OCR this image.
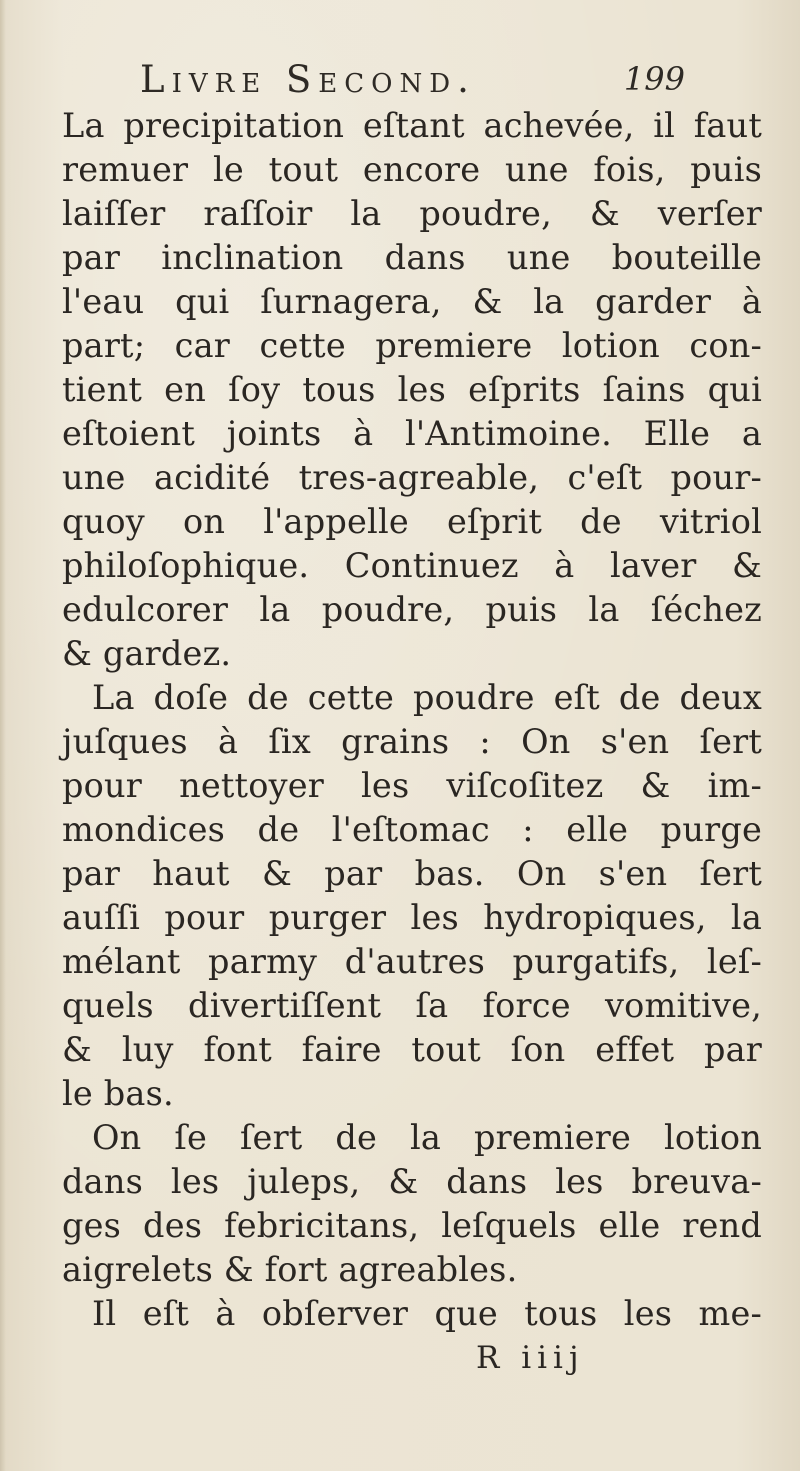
Livre Second.	199
La precipitation eſtant achevée, il faut
remuer le tout encore une fois, puis
laiſſer raſſoir la poudre, & verſer
par inclination dans une bouteille
l'eau qui ſurnagera, & la garder à
part; car cette premiere lotion con-
tient en ſoy tous les eſprits ſains qui
eſtoient joints à l'Antimoine. Elle a
une acidité tres-agreable, c'eſt pour-
quoy on l'appelle eſprit de vitriol
philoſophique. Continuez à laver &
edulcorer la poudre, puis la ſéchez
& gardez.
La doſe de cette poudre eſt de deux
juſques à ſix grains : On s'en ſert
pour nettoyer les viſcoſitez & im-
mondices de l'eſtomac : elle purge
par haut & par bas. On s'en ſert
auſſi pour purger les hydropiques, la
mélant parmy d'autres purgatifs, leſ-
quels divertiſſent ſa force vomitive,
& luy font faire tout ſon effet par
le bas.
On ſe ſert de la premiere lotion
dans les juleps, & dans les breuva-
ges des febricitans, leſquels elle rend
aigrelets & fort agreables.
Il eſt à obſerver que tous les me-
R iiij
